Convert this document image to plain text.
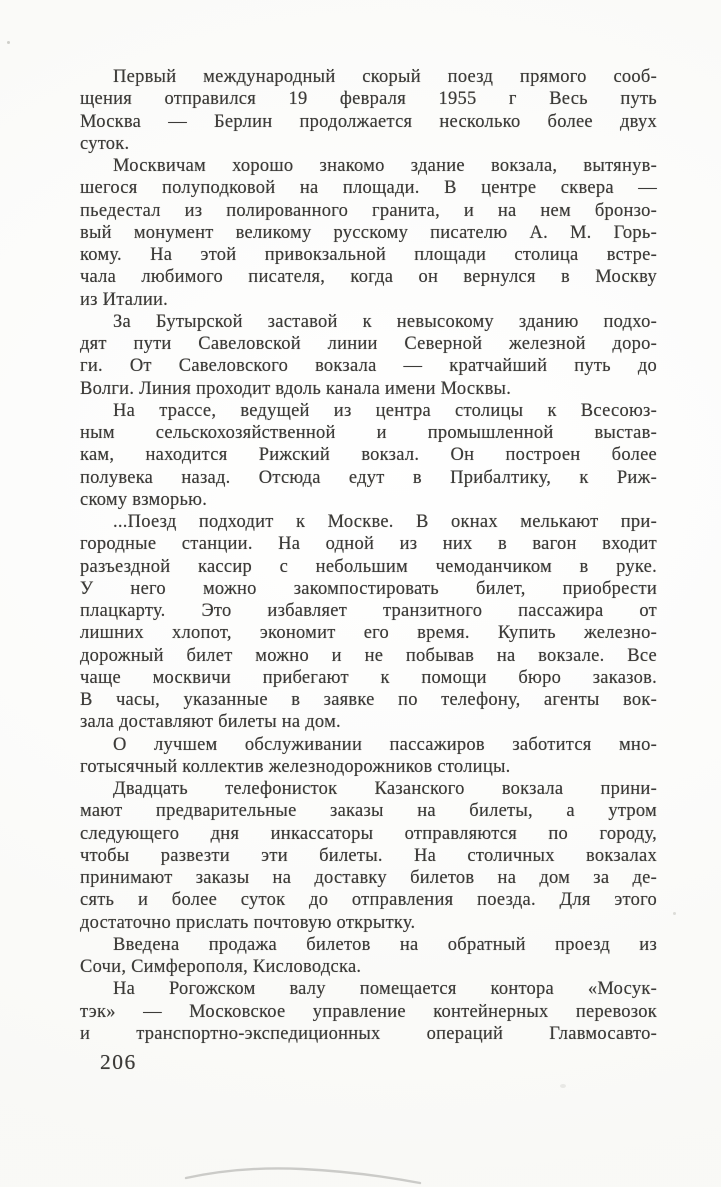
Первый международный скорый поезд прямого сооб-
щения отправился 19 февраля 1955 г Весь путь
Москва — Берлин продолжается несколько более двух
суток.
Москвичам хорошо знакомо здание вокзала, вытянув-
шегося полуподковой на площади. В центре сквера —
пьедестал из полированного гранита, и на нем бронзо-
вый монумент великому русскому писателю А. М. Горь-
кому. На этой привокзальной площади столица встре-
чала любимого писателя, когда он вернулся в Москву
из Италии.
За Бутырской заставой к невысокому зданию подхо-
дят пути Савеловской линии Северной железной доро-
ги. От Савеловского вокзала — кратчайший путь до
Волги. Линия проходит вдоль канала имени Москвы.
На трассе, ведущей из центра столицы к Всесоюз-
ным сельскохозяйственной и промышленной выстав-
кам, находится Рижский вокзал. Он построен более
полувека назад. Отсюда едут в Прибалтику, к Риж-
скому взморью.
...Поезд подходит к Москве. В окнах мелькают при-
городные станции. На одной из них в вагон входит
разъездной кассир с небольшим чемоданчиком в руке.
У него можно закомпостировать билет, приобрести
плацкарту. Это избавляет транзитного пассажира от
лишних хлопот, экономит его время. Купить железно-
дорожный билет можно и не побывав на вокзале. Все
чаще москвичи прибегают к помощи бюро заказов.
В часы, указанные в заявке по телефону, агенты вок-
зала доставляют билеты на дом.
О лучшем обслуживании пассажиров заботится мно-
готысячный коллектив железнодорожников столицы.
Двадцать телефонисток Казанского вокзала прини-
мают предварительные заказы на билеты, а утром
следующего дня инкассаторы отправляются по городу,
чтобы развезти эти билеты. На столичных вокзалах
принимают заказы на доставку билетов на дом за де-
сять и более суток до отправления поезда. Для этого
достаточно прислать почтовую открытку.
Введена продажа билетов на обратный проезд из
Сочи, Симферополя, Кисловодска.
На Рогожском валу помещается контора «Мосук-
тэк» — Московское управление контейнерных перевозок
и транспортно-экспедиционных операций Главмосавто-
206
